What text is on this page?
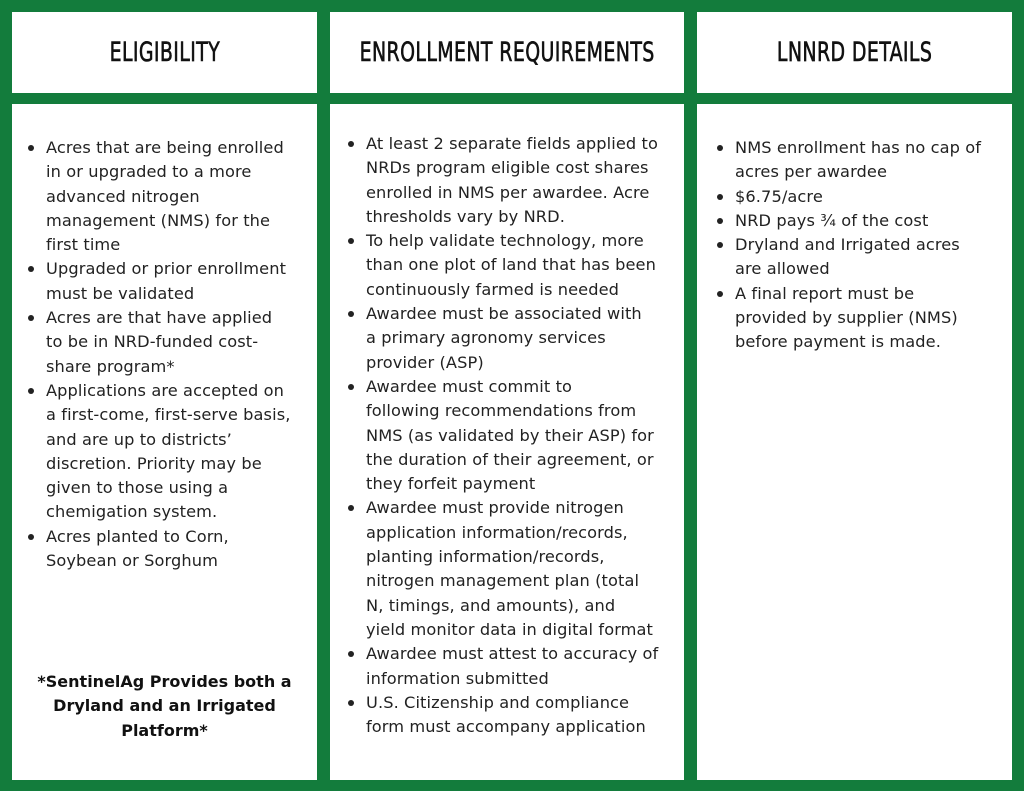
ELIGIBILITY	ENROLLMENT REQUIREMENTS	LNNRD DETAILS
Acres that are being enrolled
in or upgraded to a more
advanced nitrogen
management (NMS) for the
first time
Upgraded or prior enrollment
must be validated
Acres are that have applied
to be in NRD-funded cost-
share program*
Applications are accepted on
a first-come, first-serve basis,
and are up to districts’
discretion. Priority may be
given to those using a
chemigation system.
Acres planted to Corn,
Soybean or Sorghum
*SentinelAg Provides both a
Dryland and an Irrigated
Platform*
At least 2 separate fields applied to
NRDs program eligible cost shares
enrolled in NMS per awardee. Acre
thresholds vary by NRD.
To help validate technology, more
than one plot of land that has been
continuously farmed is needed
Awardee must be associated with
a primary agronomy services
provider (ASP)
Awardee must commit to
following recommendations from
NMS (as validated by their ASP) for
the duration of their agreement, or
they forfeit payment
Awardee must provide nitrogen
application information/records,
planting information/records,
nitrogen management plan (total
N, timings, and amounts), and
yield monitor data in digital format
Awardee must attest to accuracy of
information submitted
U.S. Citizenship and compliance
form must accompany application
NMS enrollment has no cap of
acres per awardee
$6.75/acre
NRD pays ¾ of the cost
Dryland and Irrigated acres
are allowed
A final report must be
provided by supplier (NMS)
before payment is made.
